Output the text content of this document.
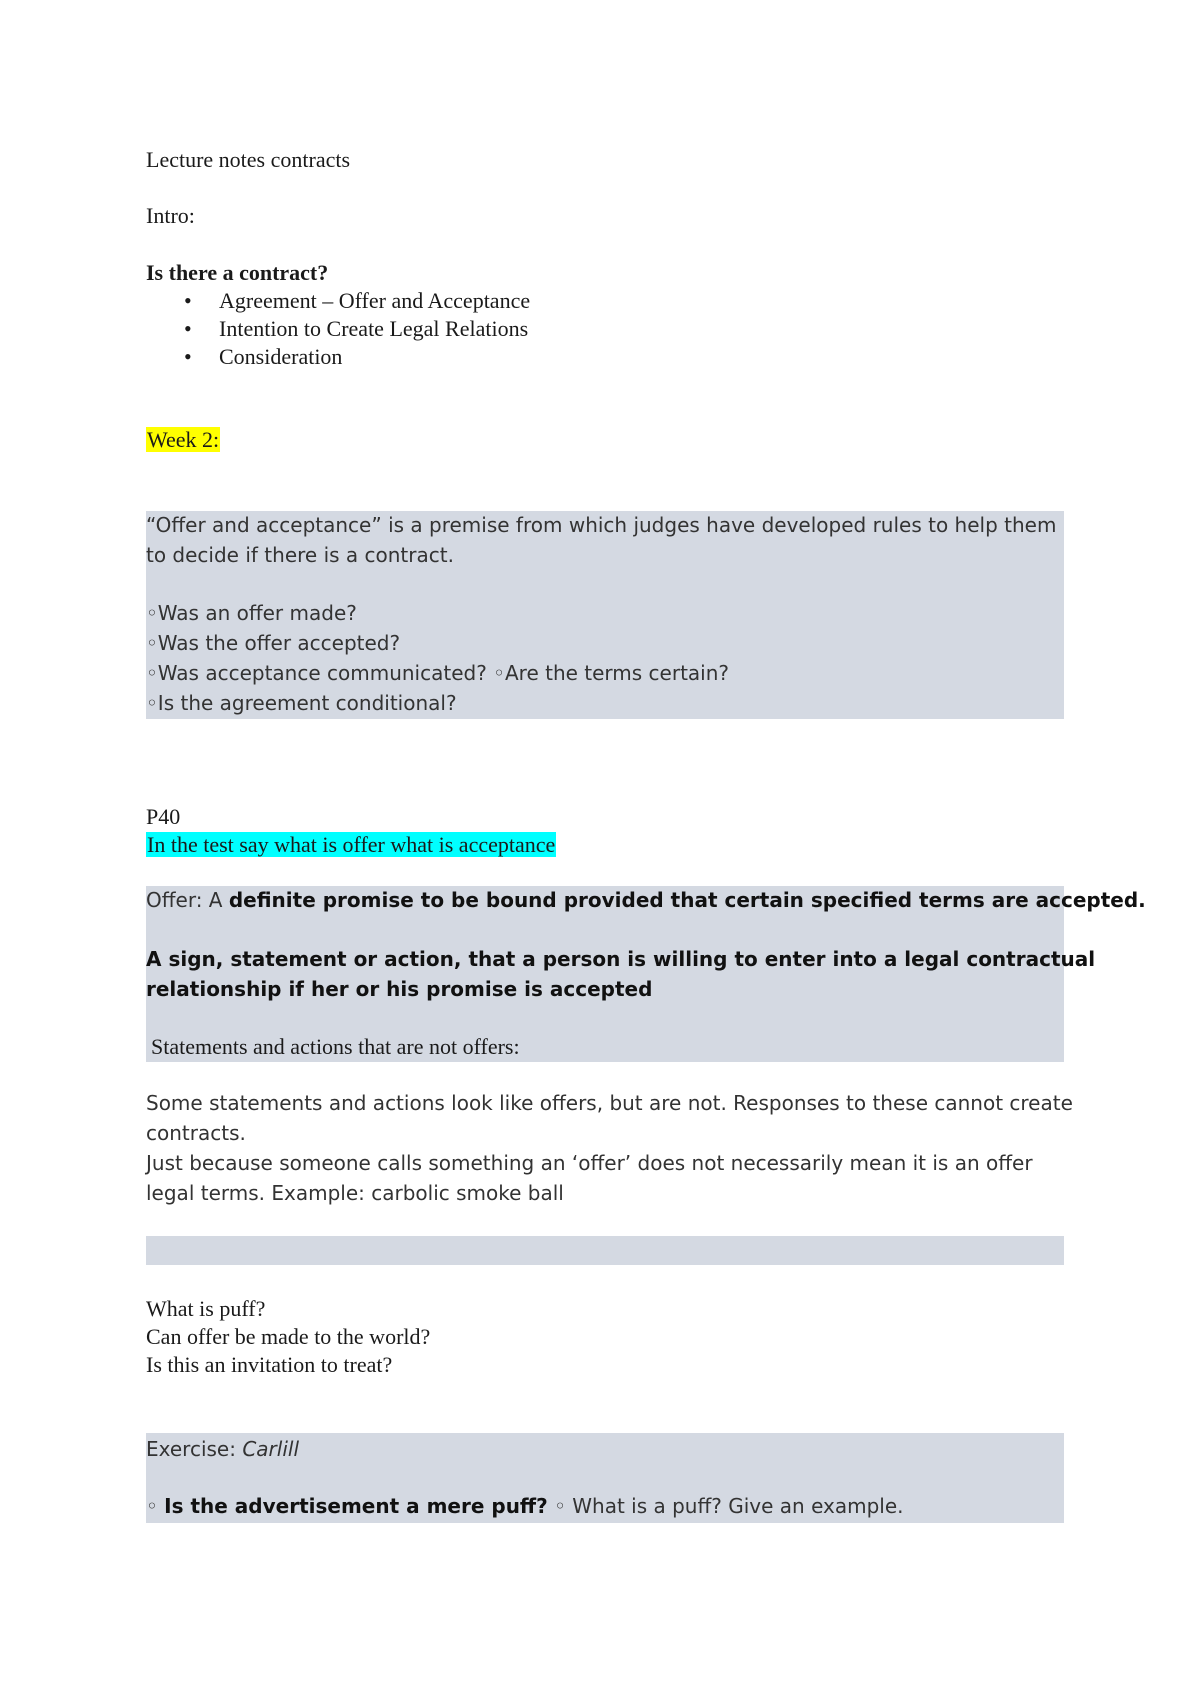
Lecture notes contracts
Intro:
Is there a contract?
• Agreement – Offer and Acceptance
• Intention to Create Legal Relations
• Consideration
Week 2:
“Offer and acceptance” is a premise from which judges have developed rules to help them
to decide if there is a contract.
◦Was an offer made?
◦Was the offer accepted?
◦Was acceptance communicated? ◦Are the terms certain?
◦Is the agreement conditional?
P40
In the test say what is offer what is acceptance
Offer: A definite promise to be bound provided that certain specified terms are accepted.
A sign, statement or action, that a person is willing to enter into a legal contractual
relationship if her or his promise is accepted
Statements and actions that are not offers:
Some statements and actions look like offers, but are not. Responses to these cannot create
contracts.
Just because someone calls something an ‘offer’ does not necessarily mean it is an offer
legal terms. Example: carbolic smoke ball
What is puff?
Can offer be made to the world?
Is this an invitation to treat?
Exercise: Carlill
◦ Is the advertisement a mere puff? ◦ What is a puff? Give an example.
